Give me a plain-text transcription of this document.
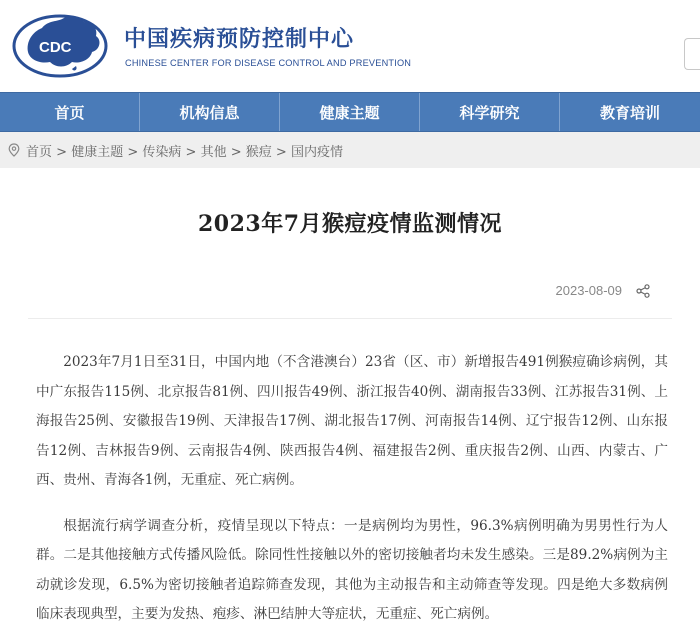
CDC 中国疾病预防控制中心
CHINESE CENTER FOR DISEASE CONTROL AND PREVENTION
首页	机构信息	健康主题	科学研究	教育培训
首页 > 健康主题 > 传染病 > 其他 > 猴痘 > 国内疫情
2023年7月猴痘疫情监测情况
2023-08-09

2023年7月1日至31日，中国内地（不含港澳台）23省（区、市）新增报告491例猴痘确诊病例，其中广东报告115例、北京报告81例、四川报告49例、浙江报告40例、湖南报告33例、江苏报告31例、上海报告25例、安徽报告19例、天津报告17例、湖北报告17例、河南报告14例、辽宁报告12例、山东报告12例、吉林报告9例、云南报告4例、陕西报告4例、福建报告2例、重庆报告2例、山西、内蒙古、广西、贵州、青海各1例，无重症、死亡病例。

根据流行病学调查分析，疫情呈现以下特点：一是病例均为男性，96.3%病例明确为男男性行为人群。二是其他接触方式传播风险低。除同性性接触以外的密切接触者均未发生感染。三是89.2%病例为主动就诊发现，6.5%为密切接触者追踪筛查发现，其他为主动报告和主动筛查等发现。四是绝大多数病例临床表现典型，主要为发热、疱疹、淋巴结肿大等症状，无重症、死亡病例。
